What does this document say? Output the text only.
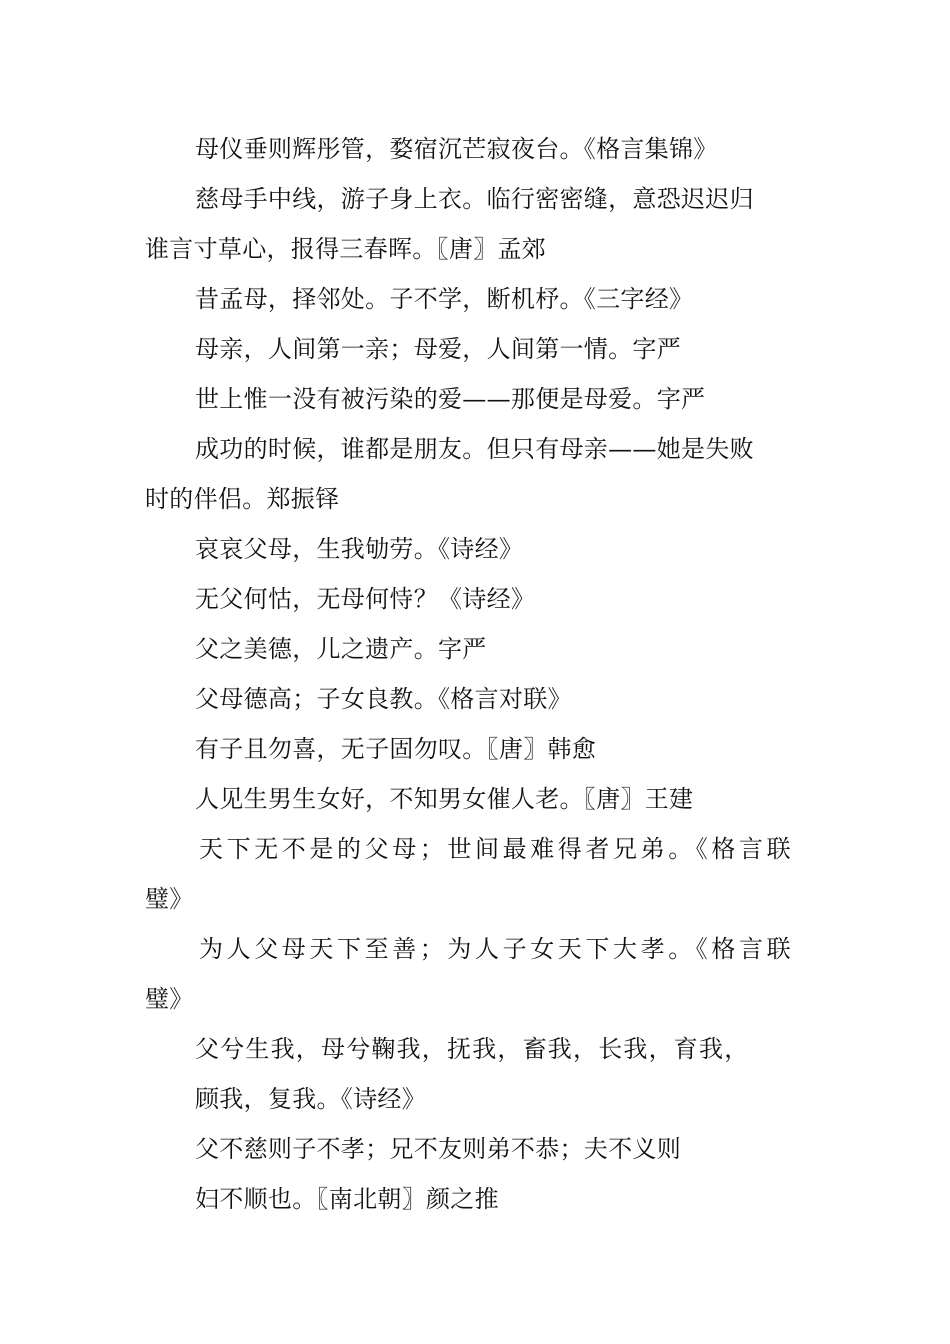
母仪垂则辉彤管，婺宿沉芒寂夜台。《格言集锦》
慈母手中线，游子身上衣。临行密密缝，意恐迟迟归
谁言寸草心，报得三春晖。〖唐〗孟郊
昔孟母，择邻处。子不学，断机杼。《三字经》
母亲，人间第一亲；母爱，人间第一情。字严
世上惟一没有被污染的爱——那便是母爱。字严
成功的时候，谁都是朋友。但只有母亲——她是失败
时的伴侣。郑振铎
哀哀父母，生我劬劳。《诗经》
无父何怙，无母何恃？《诗经》
父之美德，儿之遗产。字严
父母德高；子女良教。《格言对联》
有子且勿喜，无子固勿叹。〖唐〗韩愈
人见生男生女好，不知男女催人老。〖唐〗王建
天下无不是的父母；世间最难得者兄弟。《格言联
璧》
为人父母天下至善；为人子女天下大孝。《格言联
璧》
父兮生我，母兮鞠我，抚我，畜我，长我，育我，
顾我，复我。《诗经》
父不慈则子不孝；兄不友则弟不恭；夫不义则
妇不顺也。〖南北朝〗颜之推
